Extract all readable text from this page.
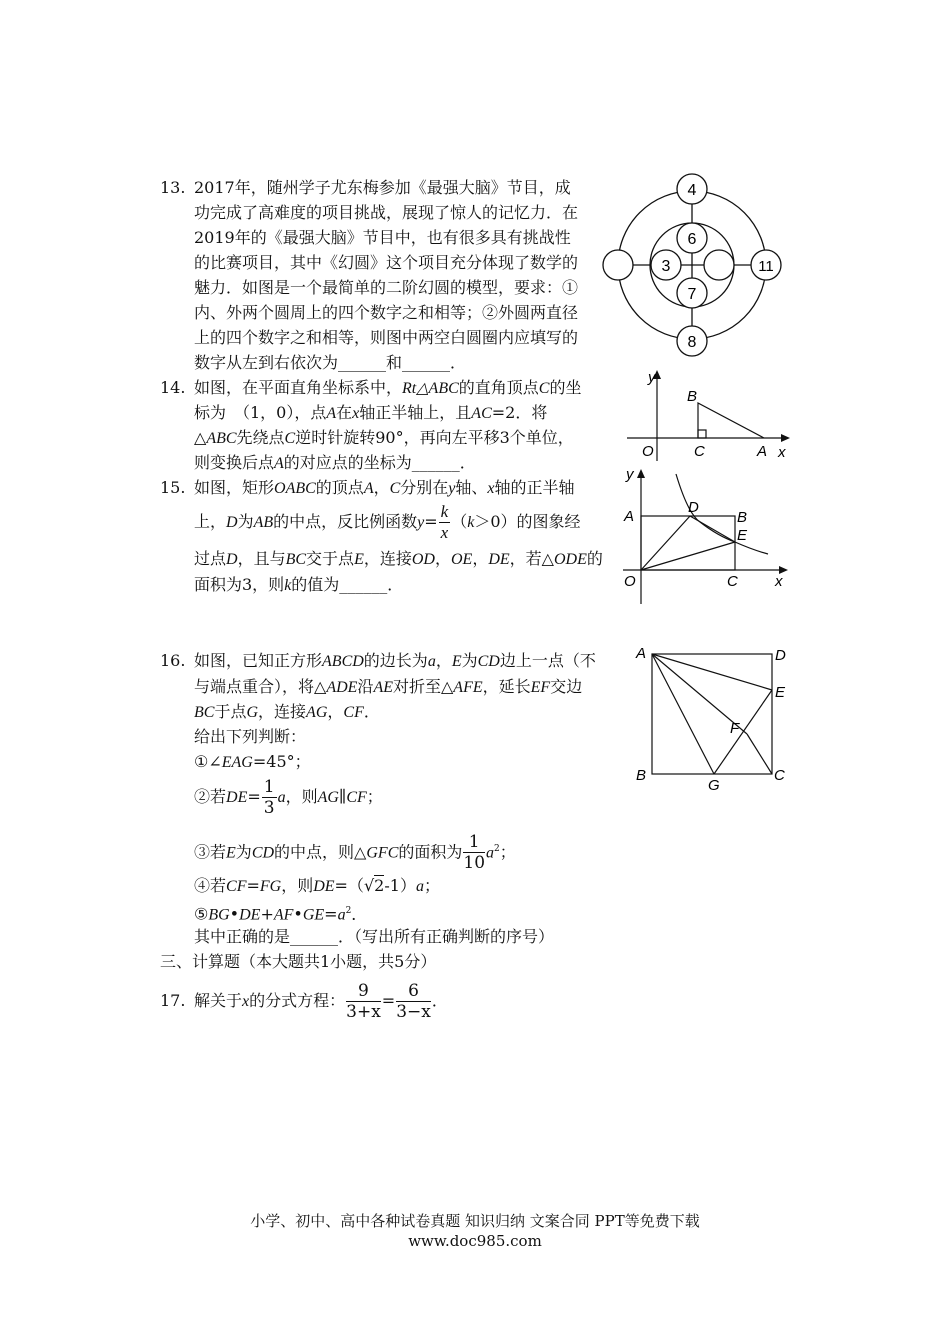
13. 2017年，随州学子尤东梅参加《最强大脑》节目，成
功完成了高难度的项目挑战，展现了惊人的记忆力．在
2019年的《最强大脑》节目中，也有很多具有挑战性
的比赛项目，其中《幻圆》这个项目充分体现了数学的
魅力．如图是一个最简单的二阶幻圆的模型，要求：①
内、外两个圆周上的四个数字之和相等；②外圆两直径
上的四个数字之和相等，则图中两空白圆圈内应填写的
数字从左到右依次为______和______．
4
6
3
7
11
8
14. 如图，在平面直角坐标系中，Rt△ABC的直角顶点C的坐
标为　（1，0），点A在x轴正半轴上，且AC=2．将
△ABC先绕点C逆时针旋转90°，再向左平移3个单位，
则变换后点A的对应点的坐标为______．
y
x
O
B
C	A
15. 如图，矩形OABC的顶点A，C分别在y轴、x轴的正半轴
上，D为AB的中点，反比例函数$y= \frac{k}{x} (k>0)$的图象经
过点D，且与BC交于点E，连接OD，OE，DE，若△ODE的
面积为3，则k的值为______．
y
x
O
A	B
C
D
E
16. 如图，已知正方形ABCD的边长为a，E为CD边上一点（不
与端点重合），将△ADE沿AE对折至△AFE，延长EF交边
BC于点G，连接AG，CF．
给出下列判断：
①∠EAG=45°；
②若$DE= \frac{1}{3}$ a，则AG∥CF；
③若E为CD的中点，则△GFC的面积为 $\frac{1}{10} a^2$；
④若CF=FG，则DE=（√2-1）a；
$⑤BG•DE+AF•GE=a^2$．
其中正确的是______．（写出所有正确判断的序号）
A	D
E
F
B
G
C
三、计算题（本大题共1小题，共5分）
17. 解关于x的分式方程： $\frac{9}{3+x} = \frac{6}{3-x}$ ．
小学、初中、高中各种试卷真题 知识归纳 文案合同 PPT等免费下载
www.doc985.com
